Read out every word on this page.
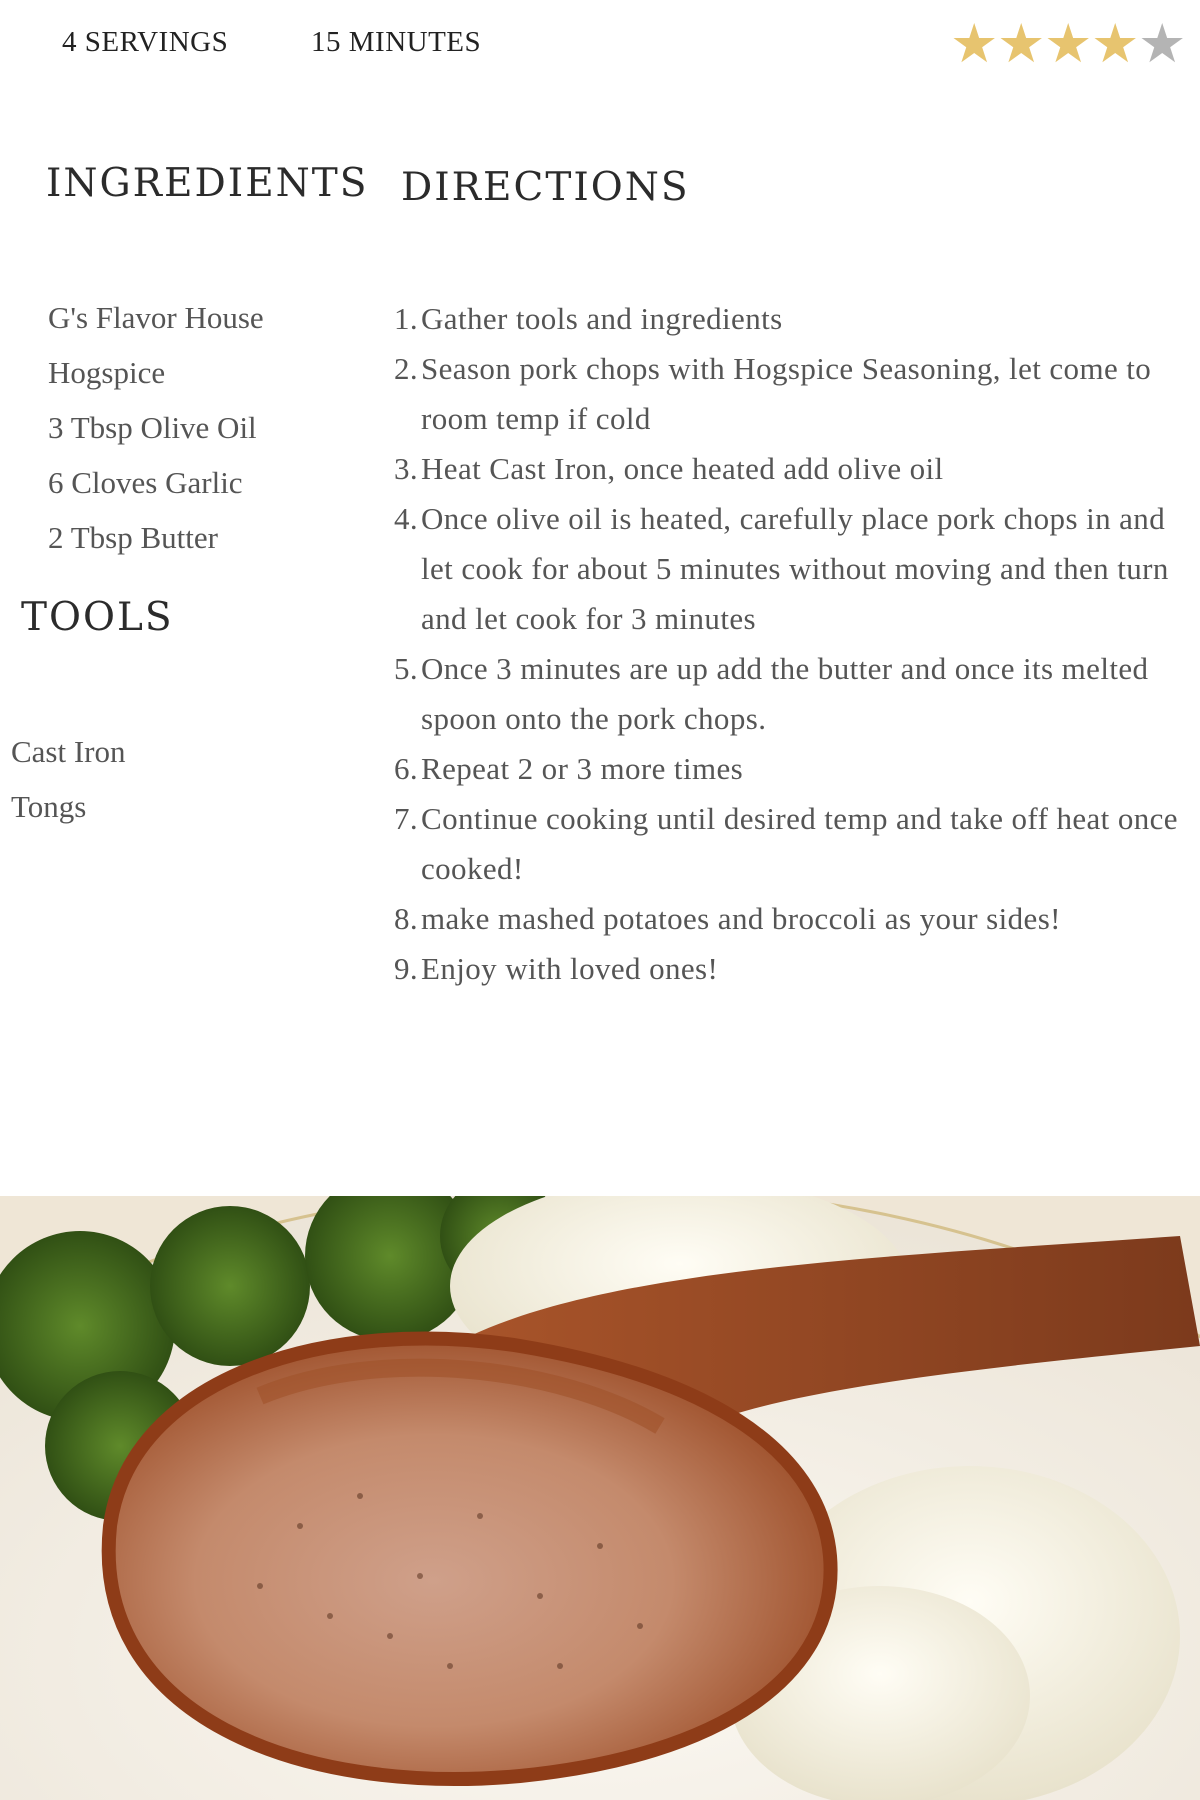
4 SERVINGS	15 MINUTES	★
★
★
★
★
INGREDIENTS
G's Flavor House
Hogspice
3 Tbsp Olive Oil
6 Cloves Garlic
2 Tbsp Butter
TOOLS
Cast Iron
Tongs
DIRECTIONS
1. Gather tools and ingredients
2. Season pork chops with Hogspice Seasoning, let come to room temp if cold
3. Heat Cast Iron, once heated add olive oil
4. Once olive oil is heated, carefully place pork chops in and let cook for about 5 minutes without moving and then turn and let cook for 3 minutes
5. Once 3 minutes are up add the butter and once its melted spoon onto the pork chops.
6. Repeat 2 or 3 more times
7. Continue cooking until desired temp and take off heat once cooked!
8. make mashed potatoes and broccoli as your sides!
9. Enjoy with loved ones!
